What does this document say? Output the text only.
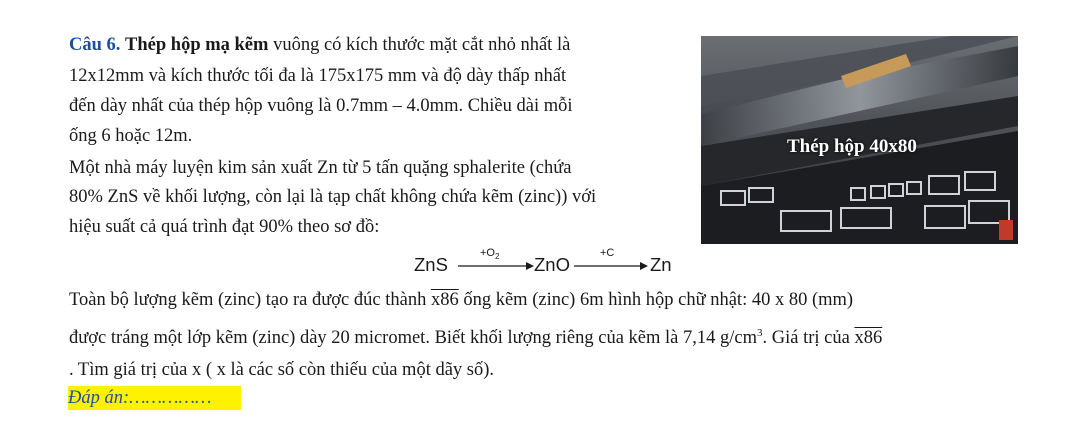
Câu 6. Thép hộp mạ kẽm vuông có kích thước mặt cắt nhỏ nhất là
12x12mm và kích thước tối đa là 175x175 mm và độ dày thấp nhất
đến dày nhất của thép hộp vuông là 0.7mm – 4.0mm. Chiều dài mỗi
ống 6 hoặc 12m.
Một nhà máy luyện kim sản xuất Zn từ 5 tấn quặng sphalerite (chứa
80% ZnS về khối lượng, còn lại là tạp chất không chứa kẽm (zinc)) với
hiệu suất cả quá trình đạt 90% theo sơ đồ:
Thép hộp 40x80
ZnS
$+O_2$ ZnO
+C
Zn
Toàn bộ lượng kẽm (zinc) tạo ra được đúc thành x86 ống kẽm (zinc) 6m hình hộp chữ nhật: 40 x 80 (mm)
được tráng một lớp kẽm (zinc) dày 20 micromet. Biết khối lượng riêng của kẽm là 7,14 $g/cm^3$. Giá trị của x86
. Tìm giá trị của x ( x là các số còn thiếu của một dãy số).
Đáp án:……………
